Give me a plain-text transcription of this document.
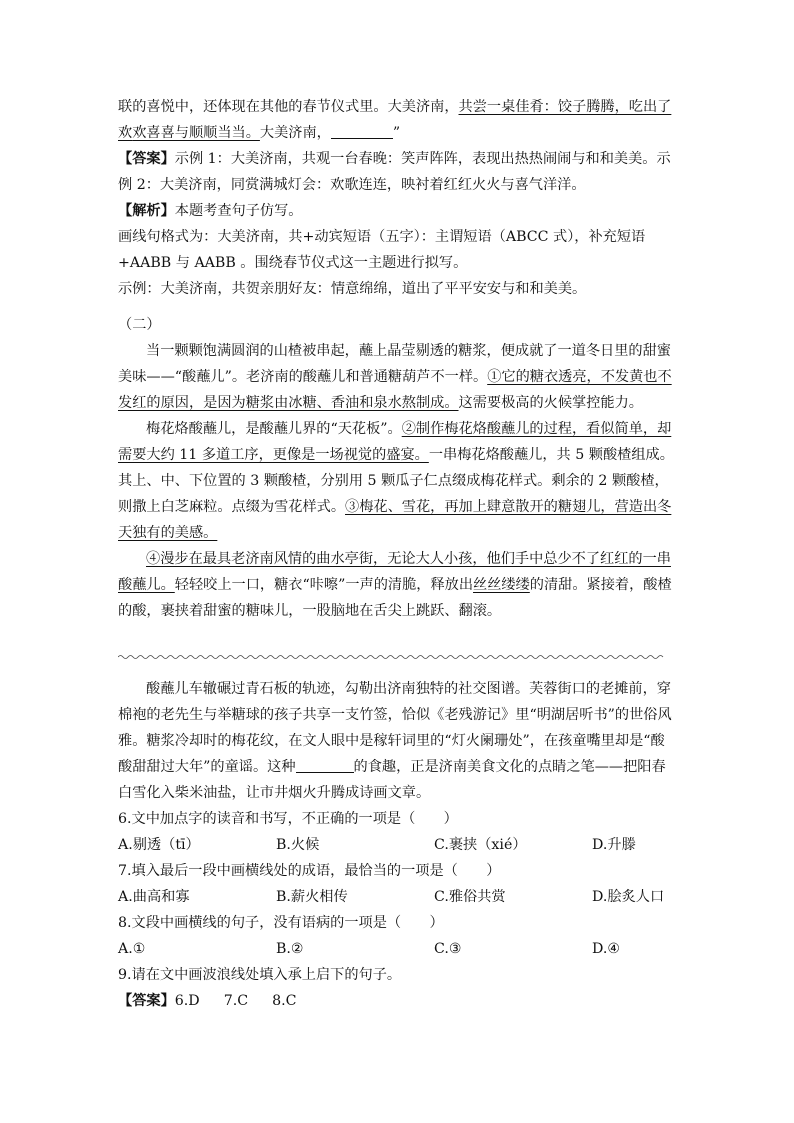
联的喜悦中，还体现在其他的春节仪式里。大美济南，共尝一桌佳肴：饺子腾腾，吃出了欢欢喜喜与顺顺当当。大美济南，	”

【答案】示例 1：大美济南，共观一台春晚：笑声阵阵，表现出热热闹闹与和和美美。示例 2：大美济南，同赏满城灯会：欢歌连连，映衬着红红火火与喜气洋洋。

【解析】本题考查句子仿写。

画线句格式为：大美济南，共+动宾短语（五字）：主谓短语（ABCC 式），补充短语 +AABB 与 AABB 。围绕春节仪式这一主题进行拟写。

示例：大美济南，共贺亲朋好友：情意绵绵，道出了平平安安与和和美美。

（二）

当一颗颗饱满圆润的山楂被串起，蘸上晶莹剔透的糖浆，便成就了一道冬日里的甜蜜美味——“酸蘸儿”。老济南的酸蘸儿和普通糖葫芦不一样。①它的糖衣透亮，不发黄也不发红的原因，是因为糖浆由冰糖、香油和泉水熬制成。这需要极高的火候掌控能力。

梅花烙酸蘸儿，是酸蘸儿界的“天花板”。②制作梅花烙酸蘸儿的过程，看似简单，却需要大约 11 多道工序，更像是一场视觉的盛宴。一串梅花烙酸蘸儿，共 5 颗酸楂组成。其上、中、下位置的 3 颗酸楂，分别用 5 颗瓜子仁点缀成梅花样式。剩余的 2 颗酸楂，则撒上白芝麻粒。点缀为雪花样式。③梅花、雪花，再加上肆意散开的糖翅儿，营造出冬天独有的美感。

④漫步在最具老济南风情的曲水亭街，无论大人小孩，他们手中总少不了红红的一串酸蘸儿。轻轻咬上一口，糖衣“咔嚓”一声的清脆，释放出丝丝缕缕的清甜。紧接着，酸楂的酸，裹挟着甜蜜的糖味儿，一股脑地在舌尖上跳跃、翻滚。

酸蘸儿车辙碾过青石板的轨迹，勾勒出济南独特的社交图谱。芙蓉街口的老摊前，穿棉袍的老先生与举糖球的孩子共享一支竹签，恰似《老残游记》里“明湖居听书”的世俗风雅。糖浆冷却时的梅花纹，在文人眼中是稼轩词里的“灯火阑珊处”，在孩童嘴里却是“酸酸甜甜过大年”的童谣。这种	的食趣，正是济南美食文化的点睛之笔——把阳春白雪化入柴米油盐，让市井烟火升腾成诗画文章。

6.文中加点字的读音和书写，不正确的一项是（　　）

A.剔透（tī）	B.火候	C.裹挟（xié）	D.升滕

7.填入最后一段中画横线处的成语，最恰当的一项是（　　）

A.曲高和寡	B.薪火相传	C.雅俗共赏	D.脍炙人口

8.文段中画横线的句子，没有语病的一项是（　　）

A.①	B.②	C.③	D.④

9.请在文中画波浪线处填入承上启下的句子。

【答案】6.D 7.C 8.C
